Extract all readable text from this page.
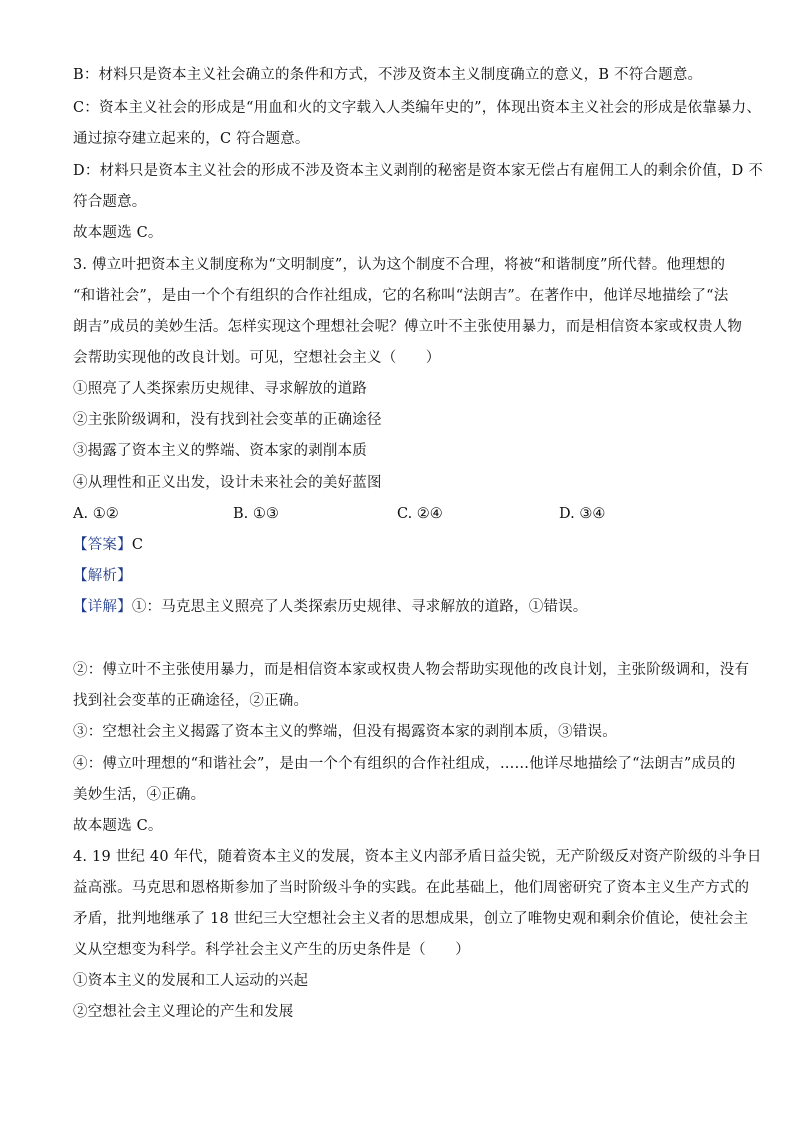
B：材料只是资本主义社会确立的条件和方式，不涉及资本主义制度确立的意义，B 不符合题意。
C：资本主义社会的形成是“用血和火的文字载入人类编年史的”，体现出资本主义社会的形成是依靠暴力、
通过掠夺建立起来的，C 符合题意。
D：材料只是资本主义社会的形成不涉及资本主义剥削的秘密是资本家无偿占有雇佣工人的剩余价值，D 不
符合题意。
故本题选 C。
3. 傅立叶把资本主义制度称为“文明制度”，认为这个制度不合理，将被“和谐制度”所代替。他理想的
“和谐社会”，是由一个个有组织的合作社组成，它的名称叫“法朗吉”。在著作中，他详尽地描绘了“法
朗吉”成员的美妙生活。怎样实现这个理想社会呢？傅立叶不主张使用暴力，而是相信资本家或权贵人物
会帮助实现他的改良计划。可见，空想社会主义（　　）
①照亮了人类探索历史规律、寻求解放的道路
②主张阶级调和，没有找到社会变革的正确途径
③揭露了资本主义的弊端、资本家的剥削本质
④从理性和正义出发，设计未来社会的美好蓝图
A. ①②	B. ①③	C. ②④	D. ③④
【答案】C
【解析】
【详解】①：马克思主义照亮了人类探索历史规律、寻求解放的道路，①错误。
②：傅立叶不主张使用暴力，而是相信资本家或权贵人物会帮助实现他的改良计划，主张阶级调和，没有
找到社会变革的正确途径，②正确。
③：空想社会主义揭露了资本主义的弊端，但没有揭露资本家的剥削本质，③错误。
④：傅立叶理想的“和谐社会”，是由一个个有组织的合作社组成，……他详尽地描绘了“法朗吉”成员的
美妙生活，④正确。
故本题选 C。
4. 19 世纪 40 年代，随着资本主义的发展，资本主义内部矛盾日益尖锐，无产阶级反对资产阶级的斗争日
益高涨。马克思和恩格斯参加了当时阶级斗争的实践。在此基础上，他们周密研究了资本主义生产方式的
矛盾，批判地继承了 18 世纪三大空想社会主义者的思想成果，创立了唯物史观和剩余价值论，使社会主
义从空想变为科学。科学社会主义产生的历史条件是（　　）
①资本主义的发展和工人运动的兴起
②空想社会主义理论的产生和发展
